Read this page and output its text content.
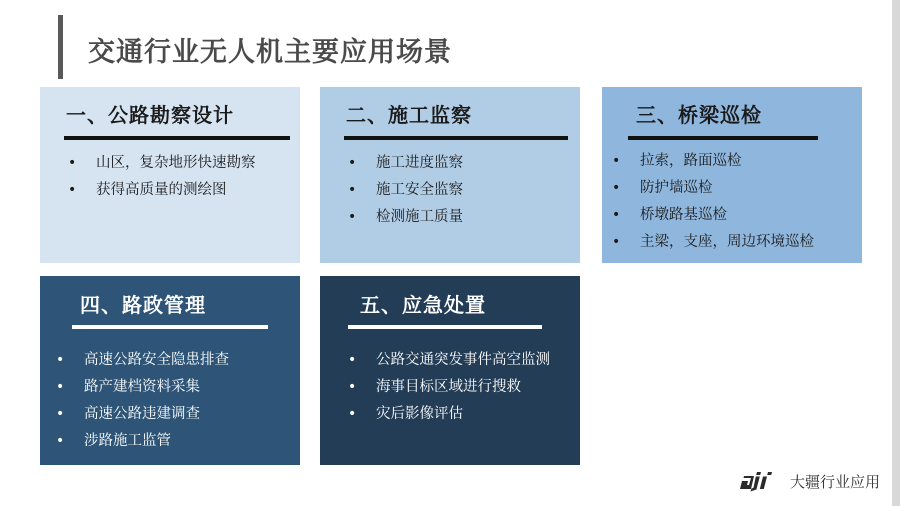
交通行业无人机主要应用场景
一、公路勘察设计
• 山区，复杂地形快速勘察
• 获得高质量的测绘图
二、施工监察
• 施工进度监察
• 施工安全监察
• 检测施工质量
三、桥梁巡检
• 拉索，路面巡检
• 防护墙巡检
• 桥墩路基巡检
• 主梁，支座，周边环境巡检
四、路政管理
• 高速公路安全隐患排查
• 路产建档资料采集
• 高速公路违建调查
• 涉路施工监管
五、应急处置
• 公路交通突发事件高空监测
• 海事目标区域进行搜救
• 灾后影像评估
大疆行业应用
